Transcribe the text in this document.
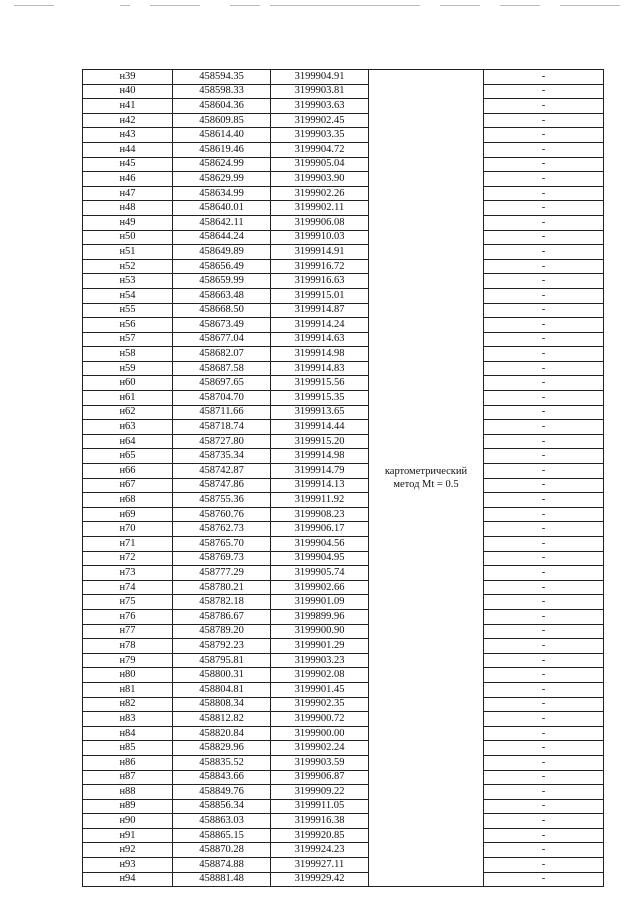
н39	458594.35	3199904.91	картометрический метод Mt = 0.5	-
н40	458598.33	3199903.81		-
н41	458604.36	3199903.63		-
н42	458609.85	3199902.45		-
н43	458614.40	3199903.35		-
н44	458619.46	3199904.72		-
н45	458624.99	3199905.04		-
н46	458629.99	3199903.90		-
н47	458634.99	3199902.26		-
н48	458640.01	3199902.11		-
н49	458642.11	3199906.08		-
н50	458644.24	3199910.03		-
н51	458649.89	3199914.91		-
н52	458656.49	3199916.72		-
н53	458659.99	3199916.63		-
н54	458663.48	3199915.01		-
н55	458668.50	3199914.87		-
н56	458673.49	3199914.24		-
н57	458677.04	3199914.63		-
н58	458682.07	3199914.98		-
н59	458687.58	3199914.83		-
н60	458697.65	3199915.56		-
н61	458704.70	3199915.35		-
н62	458711.66	3199913.65		-
н63	458718.74	3199914.44		-
н64	458727.80	3199915.20		-
н65	458735.34	3199914.98		-
н66	458742.87	3199914.79		-
н67	458747.86	3199914.13		-
н68	458755.36	3199911.92		-
н69	458760.76	3199908.23		-
н70	458762.73	3199906.17		-
н71	458765.70	3199904.56		-
н72	458769.73	3199904.95		-
н73	458777.29	3199905.74		-
н74	458780.21	3199902.66		-
н75	458782.18	3199901.09		-
н76	458786.67	3199899.96		-
н77	458789.20	3199900.90		-
н78	458792.23	3199901.29		-
н79	458795.81	3199903.23		-
н80	458800.31	3199902.08		-
н81	458804.81	3199901.45		-
н82	458808.34	3199902.35		-
н83	458812.82	3199900.72		-
н84	458820.84	3199900.00		-
н85	458829.96	3199902.24		-
н86	458835.52	3199903.59		-
н87	458843.66	3199906.87		-
н88	458849.76	3199909.22		-
н89	458856.34	3199911.05		-
н90	458863.03	3199916.38		-
н91	458865.15	3199920.85		-
н92	458870.28	3199924.23		-
н93	458874.88	3199927.11		-
н94	458881.48	3199929.42		-
